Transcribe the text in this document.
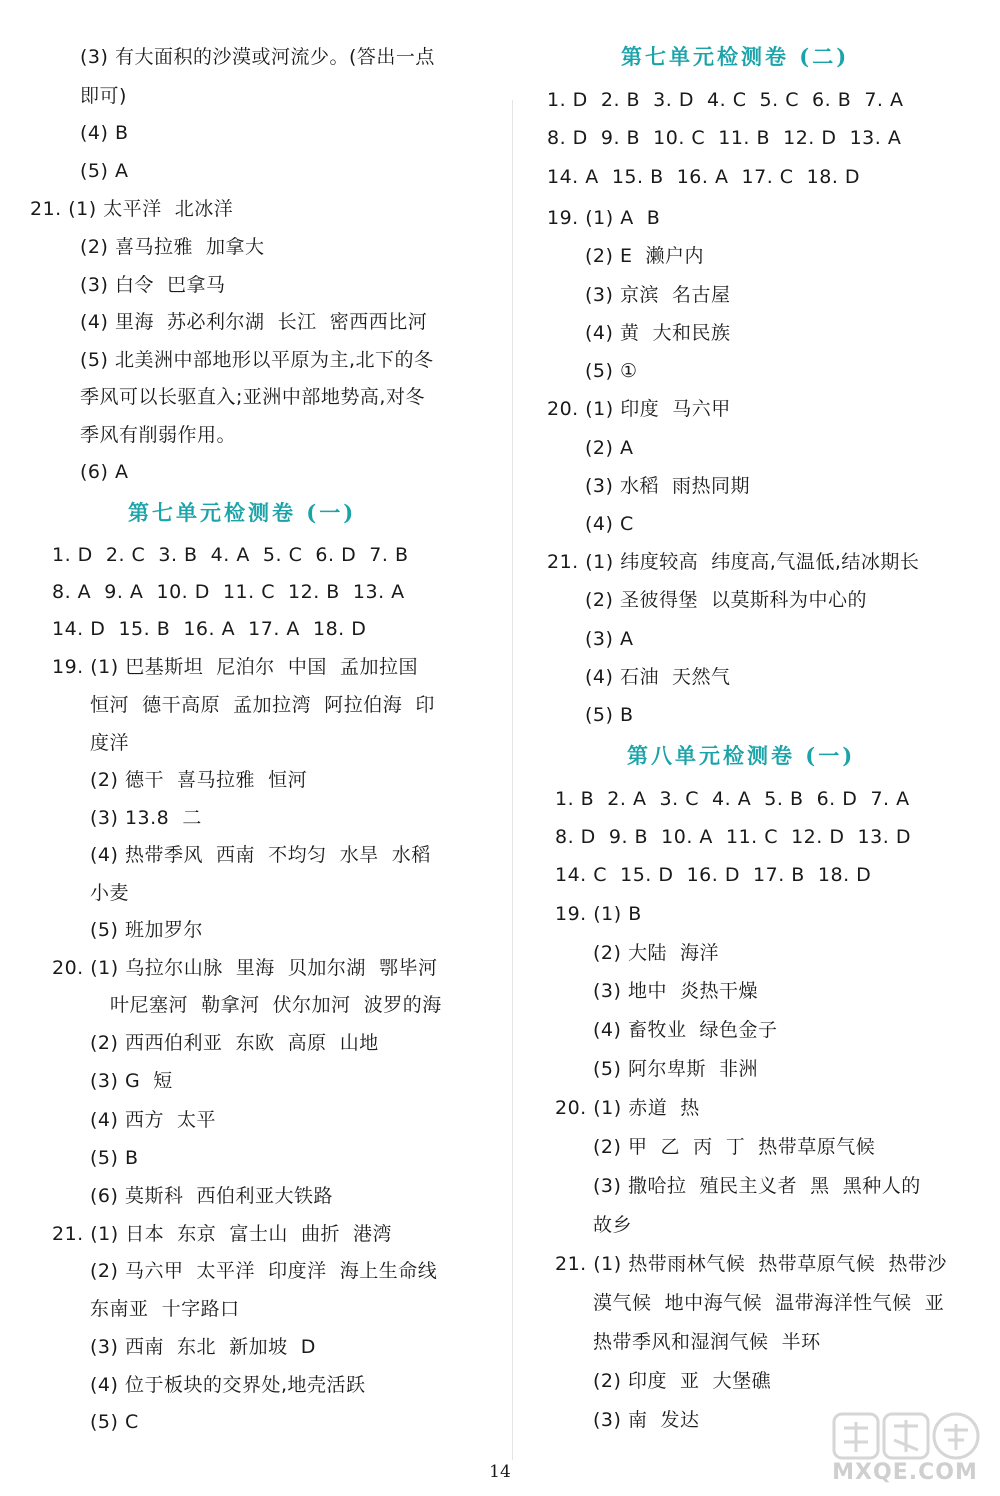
(3) 有大面积的沙漠或河流少。(答出一点
即可)
(4) B
(5) A
21. (1) 太平洋  北冰洋
(2) 喜马拉雅  加拿大
(3) 白令  巴拿马
(4) 里海  苏必利尔湖  长江  密西西比河
(5) 北美洲中部地形以平原为主,北下的冬
季风可以长驱直入;亚洲中部地势高,对冬
季风有削弱作用。
(6) A
1. D  2. C  3. B  4. A  5. C  6. D  7. B
8. A  9. A  10. D  11. C  12. B  13. A
14. D  15. B  16. A  17. A  18. D
19. (1) 巴基斯坦  尼泊尔  中国  孟加拉国
恒河  德干高原  孟加拉湾  阿拉伯海  印
度洋
(2) 德干  喜马拉雅  恒河
(3) 13.8  二
(4) 热带季风  西南  不均匀  水旱  水稻
小麦
(5) 班加罗尔
20. (1) 乌拉尔山脉  里海  贝加尔湖  鄂毕河
叶尼塞河  勒拿河  伏尔加河  波罗的海
(2) 西西伯利亚  东欧  高原  山地
(3) G  短
(4) 西方  太平
(5) B
(6) 莫斯科  西伯利亚大铁路
21. (1) 日本  东京  富士山  曲折  港湾
(2) 马六甲  太平洋  印度洋  海上生命线
东南亚  十字路口
(3) 西南  东北  新加坡  D
(4) 位于板块的交界处,地壳活跃
(5) C
第七单元检测卷 (一)
1. D  2. B  3. D  4. C  5. C  6. B  7. A
8. D  9. B  10. C  11. B  12. D  13. A
14. A  15. B  16. A  17. C  18. D
19. (1) A  B
(2) E  濑户内
(3) 京滨  名古屋
(4) 黄  大和民族
(5) ①
20. (1) 印度  马六甲
(2) A
(3) 水稻  雨热同期
(4) C
21. (1) 纬度较高  纬度高,气温低,结冰期长
(2) 圣彼得堡  以莫斯科为中心的
(3) A
(4) 石油  天然气
(5) B
1. B  2. A  3. C  4. A  5. B  6. D  7. A
8. D  9. B  10. A  11. C  12. D  13. D
14. C  15. D  16. D  17. B  18. D
19. (1) B
(2) 大陆  海洋
(3) 地中  炎热干燥
(4) 畜牧业  绿色金子
(5) 阿尔卑斯  非洲
20. (1) 赤道  热
(2) 甲  乙  丙  丁  热带草原气候
(3) 撒哈拉  殖民主义者  黑  黑种人的
故乡
21. (1) 热带雨林气候  热带草原气候  热带沙
漠气候  地中海气候  温带海洋性气候  亚
热带季风和湿润气候  半环
(2) 印度  亚  大堡礁
(3) 南  发达
第七单元检测卷 (二)
第八单元检测卷 (一)
14	MXQE.COM
